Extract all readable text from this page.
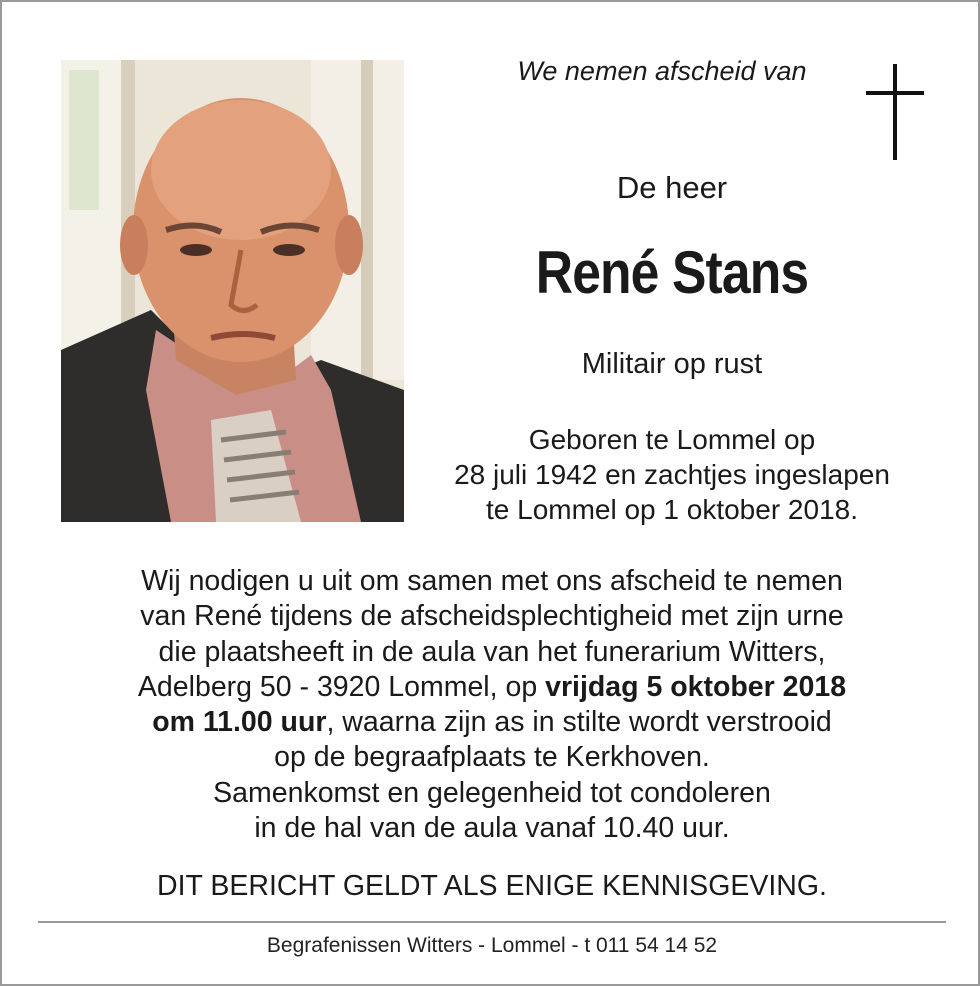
We nemen afscheid van
De heer
René Stans
Militair op rust
Geboren te Lommel op
28 juli 1942 en zachtjes ingeslapen
te Lommel op 1 oktober 2018.
Wij nodigen u uit om samen met ons afscheid te nemen
van René tijdens de afscheidsplechtigheid met zijn urne
die plaatsheeft in de aula van het funerarium Witters,
Adelberg 50 - 3920 Lommel, op vrijdag 5 oktober 2018
om 11.00 uur, waarna zijn as in stilte wordt verstrooid
op de begraafplaats te Kerkhoven.
Samenkomst en gelegenheid tot condoleren
in de hal van de aula vanaf 10.40 uur.
DIT BERICHT GELDT ALS ENIGE KENNISGEVING.
Begrafenissen Witters - Lommel - t 011 54 14 52
